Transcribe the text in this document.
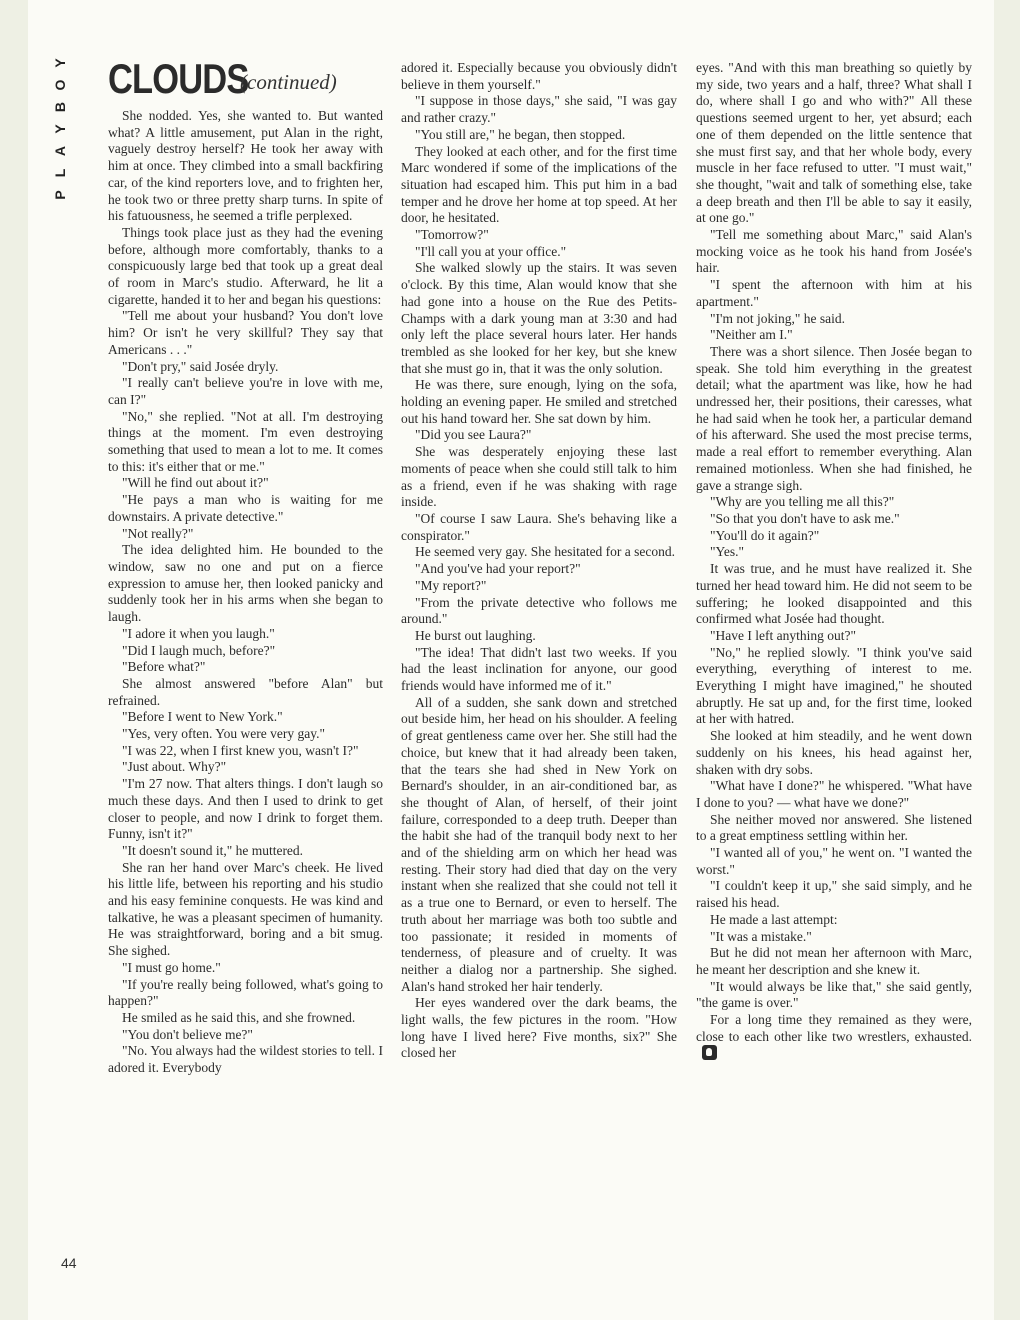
Y
O
B
Y
A
L
P
CLOUDS
(continued)

She nodded. Yes, she wanted to. But wanted what? A little amusement, put Alan in the right, vaguely destroy herself? He took her away with him at once. They climbed into a small backfiring car, of the kind reporters love, and to frighten her, he took two or three pretty sharp turns. In spite of his fatuousness, he seemed a trifle perplexed.

Things took place just as they had the evening before, although more comfortably, thanks to a conspicuously large bed that took up a great deal of room in Marc's studio. Afterward, he lit a cigarette, handed it to her and began his questions:

"Tell me about your husband? You don't love him? Or isn't he very skillful? They say that Americans . . ."

"Don't pry," said Josée dryly.

"I really can't believe you're in love with me, can I?"

"No," she replied. "Not at all. I'm destroying things at the moment. I'm even destroying something that used to mean a lot to me. It comes to this: it's either that or me."

"Will he find out about it?"

"He pays a man who is waiting for me downstairs. A private detective."

"Not really?"

The idea delighted him. He bounded to the window, saw no one and put on a fierce expression to amuse her, then looked panicky and suddenly took her in his arms when she began to laugh.

"I adore it when you laugh."

"Did I laugh much, before?"

"Before what?"

She almost answered "before Alan" but refrained.

"Before I went to New York."

"Yes, very often. You were very gay."

"I was 22, when I first knew you, wasn't I?"

"Just about. Why?"

"I'm 27 now. That alters things. I don't laugh so much these days. And then I used to drink to get closer to people, and now I drink to forget them. Funny, isn't it?"

"It doesn't sound it," he muttered.

She ran her hand over Marc's cheek. He lived his little life, between his reporting and his studio and his easy feminine conquests. He was kind and talkative, he was a pleasant specimen of humanity. He was straightforward, boring and a bit smug. She sighed.

"I must go home."

"If you're really being followed, what's going to happen?"

He smiled as he said this, and she frowned.

"You don't believe me?"

"No. You always had the wildest stories to tell. I adored it. Everybody

adored it. Especially because you obviously didn't believe in them yourself."

"I suppose in those days," she said, "I was gay and rather crazy."

"You still are," he began, then stopped.

They looked at each other, and for the first time Marc wondered if some of the implications of the situation had escaped him. This put him in a bad temper and he drove her home at top speed. At her door, he hesitated.

"Tomorrow?"

"I'll call you at your office."

She walked slowly up the stairs. It was seven o'clock. By this time, Alan would know that she had gone into a house on the Rue des Petits-Champs with a dark young man at 3:30 and had only left the place several hours later. Her hands trembled as she looked for her key, but she knew that she must go in, that it was the only solution.

He was there, sure enough, lying on the sofa, holding an evening paper. He smiled and stretched out his hand toward her. She sat down by him.

"Did you see Laura?"

She was desperately enjoying these last moments of peace when she could still talk to him as a friend, even if he was shaking with rage inside.

"Of course I saw Laura. She's behaving like a conspirator."

He seemed very gay. She hesitated for a second.

"And you've had your report?"

"My report?"

"From the private detective who follows me around."

He burst out laughing.

"The idea! That didn't last two weeks. If you had the least inclination for anyone, our good friends would have informed me of it."

All of a sudden, she sank down and stretched out beside him, her head on his shoulder. A feeling of great gentleness came over her. She still had the choice, but knew that it had already been taken, that the tears she had shed in New York on Bernard's shoulder, in an air-conditioned bar, as she thought of Alan, of herself, of their joint failure, corresponded to a deep truth. Deeper than the habit she had of the tranquil body next to her and of the shielding arm on which her head was resting. Their story had died that day on the very instant when she realized that she could not tell it as a true one to Bernard, or even to herself. The truth about her marriage was both too subtle and too passionate; it resided in moments of tenderness, of pleasure and of cruelty. It was neither a dialog nor a partnership. She sighed. Alan's hand stroked her hair tenderly.

Her eyes wandered over the dark beams, the light walls, the few pictures in the room. "How long have I lived here? Five months, six?" She closed her

eyes. "And with this man breathing so quietly by my side, two years and a half, three? What shall I do, where shall I go and who with?" All these questions seemed urgent to her, yet absurd; each one of them depended on the little sentence that she must first say, and that her whole body, every muscle in her face refused to utter. "I must wait," she thought, "wait and talk of something else, take a deep breath and then I'll be able to say it easily, at one go."

"Tell me something about Marc," said Alan's mocking voice as he took his hand from Josée's hair.

"I spent the afternoon with him at his apartment."

"I'm not joking," he said.

"Neither am I."

There was a short silence. Then Josée began to speak. She told him everything in the greatest detail; what the apartment was like, how he had undressed her, their positions, their caresses, what he had said when he took her, a particular demand of his afterward. She used the most precise terms, made a real effort to remember everything. Alan remained motionless. When she had finished, he gave a strange sigh.

"Why are you telling me all this?"

"So that you don't have to ask me."

"You'll do it again?"

"Yes."

It was true, and he must have realized it. She turned her head toward him. He did not seem to be suffering; he looked disappointed and this confirmed what Josée had thought.

"Have I left anything out?"

"No," he replied slowly. "I think you've said everything, everything of interest to me. Everything I might have imagined," he shouted abruptly. He sat up and, for the first time, looked at her with hatred.

She looked at him steadily, and he went down suddenly on his knees, his head against her, shaken with dry sobs.

"What have I done?" he whispered. "What have I done to you? — what have we done?"

She neither moved nor answered. She listened to a great emptiness settling within her.

"I wanted all of you," he went on. "I wanted the worst."

"I couldn't keep it up," she said simply, and he raised his head.

He made a last attempt:

"It was a mistake."

But he did not mean her afternoon with Marc, he meant her description and she knew it.

"It would always be like that," she said gently, "the game is over."

For a long time they remained as they were, close to each other like two wrestlers, exhausted.

44
